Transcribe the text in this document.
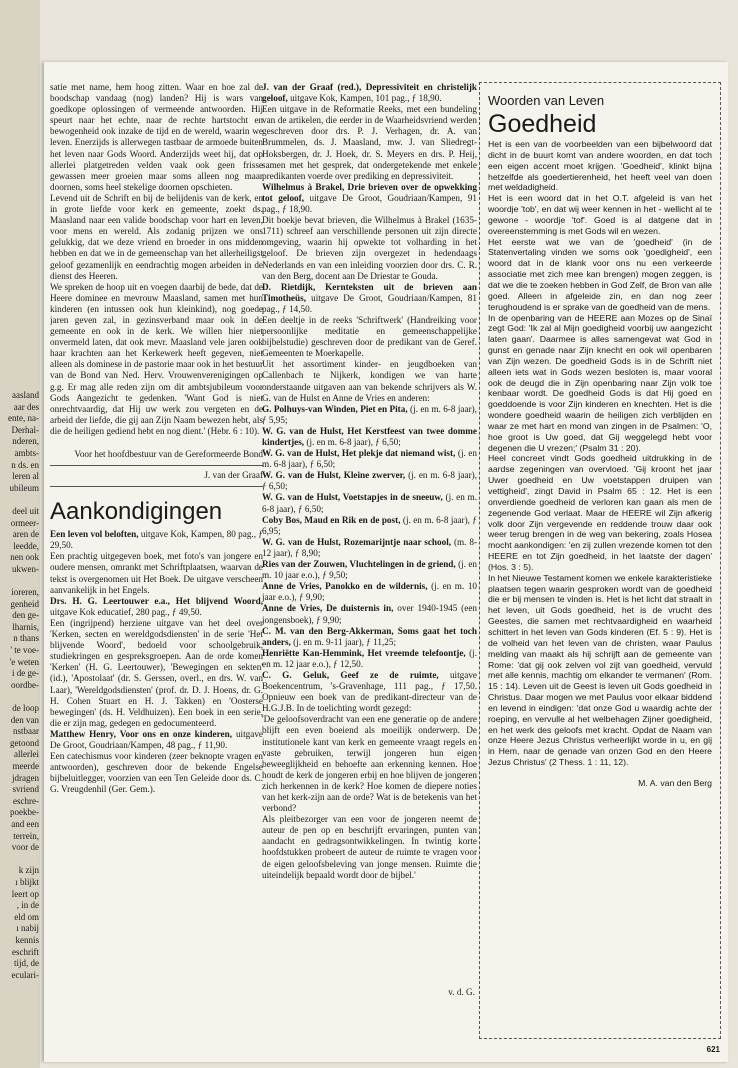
aasland
aar des
ente, na-
Derhal-
nderen,
ambts-
n ds. en
leren al
ubileum

deel uit
ormeer-
aren de
leedde,
nen ook
ukwen-

ioreren,
genheid
den ge-
lharnis,
n thans
' te voe-
'e weten
i de ge-
oordbe-

de loop
den van
nstbaar
getoond
allerlei
meerde
jdragen
svriend
eschre-
poekbe-
and een
terrein,
voor de

k zijn
ı blijkt
leert op
, in de
eld om
ı nabij
kennis
eschrift
tijd, de
eculari-

satie met name, hem hoog zitten. Waar en hoe zal de boodschap vandaag (nog) landen? Hij is wars van goedkope oplossingen of vermeende antwoorden. Hij speurt naar het echte, naar de rechte hartstocht en bewogenheid ook inzake de tijd en de wereld, waarin we leven. Enerzijds is allerwegen tastbaar de armoede buiten het leven naar Gods Woord. Anderzijds weet hij, dat op allerlei platgetreden velden vaak ook geen frisse gewassen meer groeien maar soms alleen nog maar doornen, soms heel stekelige doornen opschieten.

Levend uit de Schrift en bij de belijdenis van de kerk, en in grote liefde voor kerk en gemeente, zoekt ds. Maasland naar een valide boodschap voor hart en leven, voor mens en wereld. Als zodanig prijzen we ons gelukkig, dat we deze vriend en broeder in ons midden hebben en dat we in de gemeenschap van het allerheiligst geloof gezamenlijk en eendrachtig mogen arbeiden in de dienst des Heeren.

We spreken de hoop uit en voegen daarbij de bede, dat de Heere dominee en mevrouw Maasland, samen met hun kinderen (en intussen ook hun kleinkind), nog goede jaren geven zal, in gezinsverband maar ook in de gemeente en ook in de kerk. We willen hier niet onvermeld laten, dat ook mevr. Maasland vele jaren ook haar krachten aan het Kerkewerk heeft gegeven, niet alleen als dominese in de pastorie maar ook in het bestuur van de Bond van Ned. Herv. Vrouwenverenigingen op g.g. Er mag alle reden zijn om dit ambtsjubileum voor Gods Aangezicht te gedenken. 'Want God is niet onrechtvaardig, dat Hij uw werk zou vergeten en de arbeid der liefde, die gij aan Zijn Naam bewezen hebt, als die de heiligen gediend hebt en nog dient.' (Hebr. 6 : 10).

Voor het hoofdbestuur van de Gereformeerde Bond

J. van der Graaf

Aankondigingen

Een leven vol beloften, uitgave Kok, Kampen, 80 pag., ƒ 29,50.

Een prachtig uitgegeven boek, met foto's van jongere en oudere mensen, omrankt met Schriftplaatsen, waarvan de tekst is overgenomen uit Het Boek. De uitgave verscheen aanvankelijk in het Engels.

Drs. H. G. Leertouwer e.a., Het blijvend Woord, uitgave Kok educatief, 280 pag., ƒ 49,50.

Een (ingrijpend) herziene uitgave van het deel over 'Kerken, secten en wereldgodsdiensten' in de serie 'Het blijvende Woord', bedoeld voor schoolgebruik, studiekringen en gespreksgroepen. Aan de orde komen 'Kerken' (H. G. Leertouwer), 'Bewegingen en sekten' (id.), 'Apostolaat' (dr. S. Gerssen, overl., en drs. W. van Laar), 'Wereldgodsdiensten' (prof. dr. D. J. Hoens, dr. G. H. Cohen Stuart en H. J. Takken) en 'Oosterse bewegingen' (ds. H. Veldhuizen). Een boek in een serie, die er zijn mag, gedegen en gedocumenteerd.

Matthew Henry, Voor ons en onze kinderen, uitgave De Groot, Goudriaan/Kampen, 48 pag., ƒ 11,90.

Een catechismus voor kinderen (zeer beknopte vragen en antwoorden), geschreven door de bekende Engelse bijbeluitlegger, voorzien van een Ten Geleide door ds. C. G. Vreugdenhil (Ger. Gem.).

J. van der Graaf (red.), Depressiviteit en christelijk geloof, uitgave Kok, Kampen, 101 pag., ƒ 18,90.

Een uitgave in de Reformatie Reeks, met een bundeling van de artikelen, die eerder in de Waarheidsvriend werden geschreven door drs. P. J. Verhagen, dr. A. van Brummelen, ds. J. Maasland, mw. J. van Sliedregt-Hoksbergen, dr. J. Hoek, dr. S. Meyers en drs. P. Heij, samen met het gesprek, dat ondergetekende met enkele predikanten voerde over prediking en depressiviteit.

Wilhelmus à Brakel, Drie brieven over de opwekking tot geloof, uitgave De Groot, Goudriaan/Kampen, 91 pag., ƒ 18,90.

Dit boekje bevat brieven, die Wilhelmus à Brakel (1635-1711) schreef aan verschillende personen uit zijn directe omgeving, waarin hij opwekte tot volharding in het geloof. De brieven zijn overgezet in hedendaags Nederlands en van een inleiding voorzien door drs. C. R. van den Berg, docent aan De Driestar te Gouda.

D. Rietdijk, Kernteksten uit de brieven aan Timotheüs, uitgave De Groot, Goudriaan/Kampen, 81 pag., ƒ 14,50.

Een deeltje in de reeks 'Schriftwerk' (Handreiking voor persoonlijke meditatie en gemeenschappelijke bijbelstudie) geschreven door de predikant van de Geref. Gemeenten te Moerkapelle.

Uit het assortiment kinder- en jeugdboeken van Callenbach te Nijkerk, kondigen we van harte onderstaande uitgaven aan van bekende schrijvers als W. G. van de Hulst en Anne de Vries en anderen:

G. Polhuys-van Winden, Piet en Pita, (j. en m. 6-8 jaar), ƒ 5,95;

W. G. van de Hulst, Het Kerstfeest van twee domme kindertjes, (j. en m. 6-8 jaar), ƒ 6,50;

W. G. van de Hulst, Het plekje dat niemand wist, (j. en m. 6-8 jaar), ƒ 6,50;

W. G. van de Hulst, Kleine zwerver, (j. en m. 6-8 jaar), ƒ 6,50;

W. G. van de Hulst, Voetstapjes in de sneeuw, (j. en m. 6-8 jaar), ƒ 6,50;

Coby Bos, Maud en Rik en de post, (j. en m. 6-8 jaar), ƒ 6,95;

W. G. van de Hulst, Rozemarijntje naar school, (m. 8-12 jaar), ƒ 8,90;

Ries van der Zouwen, Vluchtelingen in de griend, (j. en m. 10 jaar e.o.), ƒ 9,50;

Anne de Vries, Panokko en de wildernis, (j. en m. 10 jaar e.o.), ƒ 9,90;

Anne de Vries, De duisternis in, over 1940-1945 (een jongensboek), ƒ 9,90;

C. M. van den Berg-Akkerman, Soms gaat het toch anders, (j. en m. 9-11 jaar), ƒ 11,25;

Henriëtte Kan-Hemmink, Het vreemde telefoontje, (j. en m. 12 jaar e.o.), ƒ 12,50.

C. G. Geluk, Geef ze de ruimte, uitgave Boekencentrum, 's-Gravenhage, 111 pag., ƒ 17,50. Opnieuw een boek van de predikant-directeur van de H.G.J.B. In de toelichting wordt gezegd:

'De geloofsoverdracht van een ene generatie op de andere blijft een even boeiend als moeilijk onderwerp. De institutionele kant van kerk en gemeente vraagt regels en vaste gebruiken, terwijl jongeren hun eigen beweeglijkheid en behoefte aan erkenning kennen. Hoe houdt de kerk de jongeren erbij en hoe blijven de jongeren zich herkennen in de kerk? Hoe komen de diepere noties van het kerk-zijn aan de orde? Wat is de betekenis van het verbond?

Als pleitbezorger van een voor de jongeren neemt de auteur de pen op en beschrijft ervaringen, punten van aandacht en gedragsontwikkelingen. In twintig korte hoofdstukken probeert de auteur de ruimte te vragen voor de eigen geloofsbeleving van jonge mensen. Ruimte die uiteindelijk bepaald wordt door de bijbel.'

v. d. G.

Woorden van Leven

Goedheid

Het is een van de voorbeelden van een bijbelwoord dat dicht in de buurt komt van andere woorden, en dat toch een eigen accent moet krijgen. 'Goedheid', klinkt bijna hetzelfde als goedertierenheid, het heeft veel van doen met weldadigheid.

Het is een woord dat in het O.T. afgeleid is van het woordje 'tob', en dat wij weer kennen in het - wellicht al te gewone - woordje 'tof'. Goed is al datgene dat in overeenstemming is met Gods wil en wezen.

Het eerste wat we van de 'goedheid' (in de Statenvertaling vinden we soms ook 'goedigheid', een woord dat in de klank voor ons nu een verkeerde associatie met zich mee kan brengen) mogen zeggen, is dat we die te zoeken hebben in God Zelf, de Bron van alle goed. Alleen in afgeleide zin, en dan nog zeer terughoudend is er sprake van de goedheid van de mens.

In de openbaring van de HEERE aan Mozes op de Sinaï zegt God: 'Ik zal al Mijn goedigheid voorbij uw aangezicht laten gaan'. Daarmee is alles samengevat wat God in gunst en genade naar Zijn knecht en ook wil openbaren van Zijn wezen. De goedheid Gods is in de Schrift niet alleen iets wat in Gods wezen besloten is, maar vooral ook de deugd die in Zijn openbaring naar Zijn volk toe kenbaar wordt. De goedheid Gods is dat Hij goed en goeddoende is voor Zijn kinderen en knechten. Het is die wondere goedheid waarin de heiligen zich verblijden en waar ze met hart en mond van zingen in de Psalmen: 'O, hoe groot is Uw goed, dat Gij weggelegd hebt voor degenen die U vrezen;' (Psalm 31 : 20).

Heel concreet vindt Gods goedheid uitdrukking in de aardse zegeningen van overvloed. 'Gij kroont het jaar Uwer goedheid en Uw voetstappen druipen van vettigheid', zingt David in Psalm 65 : 12. Het is een onverdiende goedheid de verloren kan gaan als men de zegenende God verlaat. Maar de HEERE wil Zijn afkerig volk door Zijn vergevende en reddende trouw daar ook weer terug brengen in de weg van bekering, zoals Hosea mocht aankondigen: 'en zij zullen vrezende komen tot den HEERE en tot Zijn goedheid, in het laatste der dagen' (Hos. 3 : 5).

In het Nieuwe Testament komen we enkele karakteristieke plaatsen tegen waarin gesproken wordt van de goedheid die er bij mensen te vinden is. Het is het licht dat straalt in het leven, uit Gods goedheid, het is de vrucht des Geestes, die samen met rechtvaardigheid en waarheid schittert in het leven van Gods kinderen (Ef. 5 : 9). Het is de volheid van het leven van de christen, waar Paulus melding van maakt als hij schrijft aan de gemeente van Rome: 'dat gij ook zelven vol zijt van goedheid, vervuld met alle kennis, machtig om elkander te vermanen' (Rom. 15 : 14). Leven uit de Geest is leven uit Gods goedheid in Christus. Daar mogen we met Paulus voor elkaar biddend en levend in eindigen: 'dat onze God u waardig achte der roeping, en vervulle al het welbehagen Zijner goedigheid, en het werk des geloofs met kracht. Opdat de Naam van onze Heere Jezus Christus verheerlijkt worde in u, en gij in Hem, naar de genade van onzen God en den Heere Jezus Christus' (2 Thess. 1 : 11, 12).

M. A. van den Berg

621
